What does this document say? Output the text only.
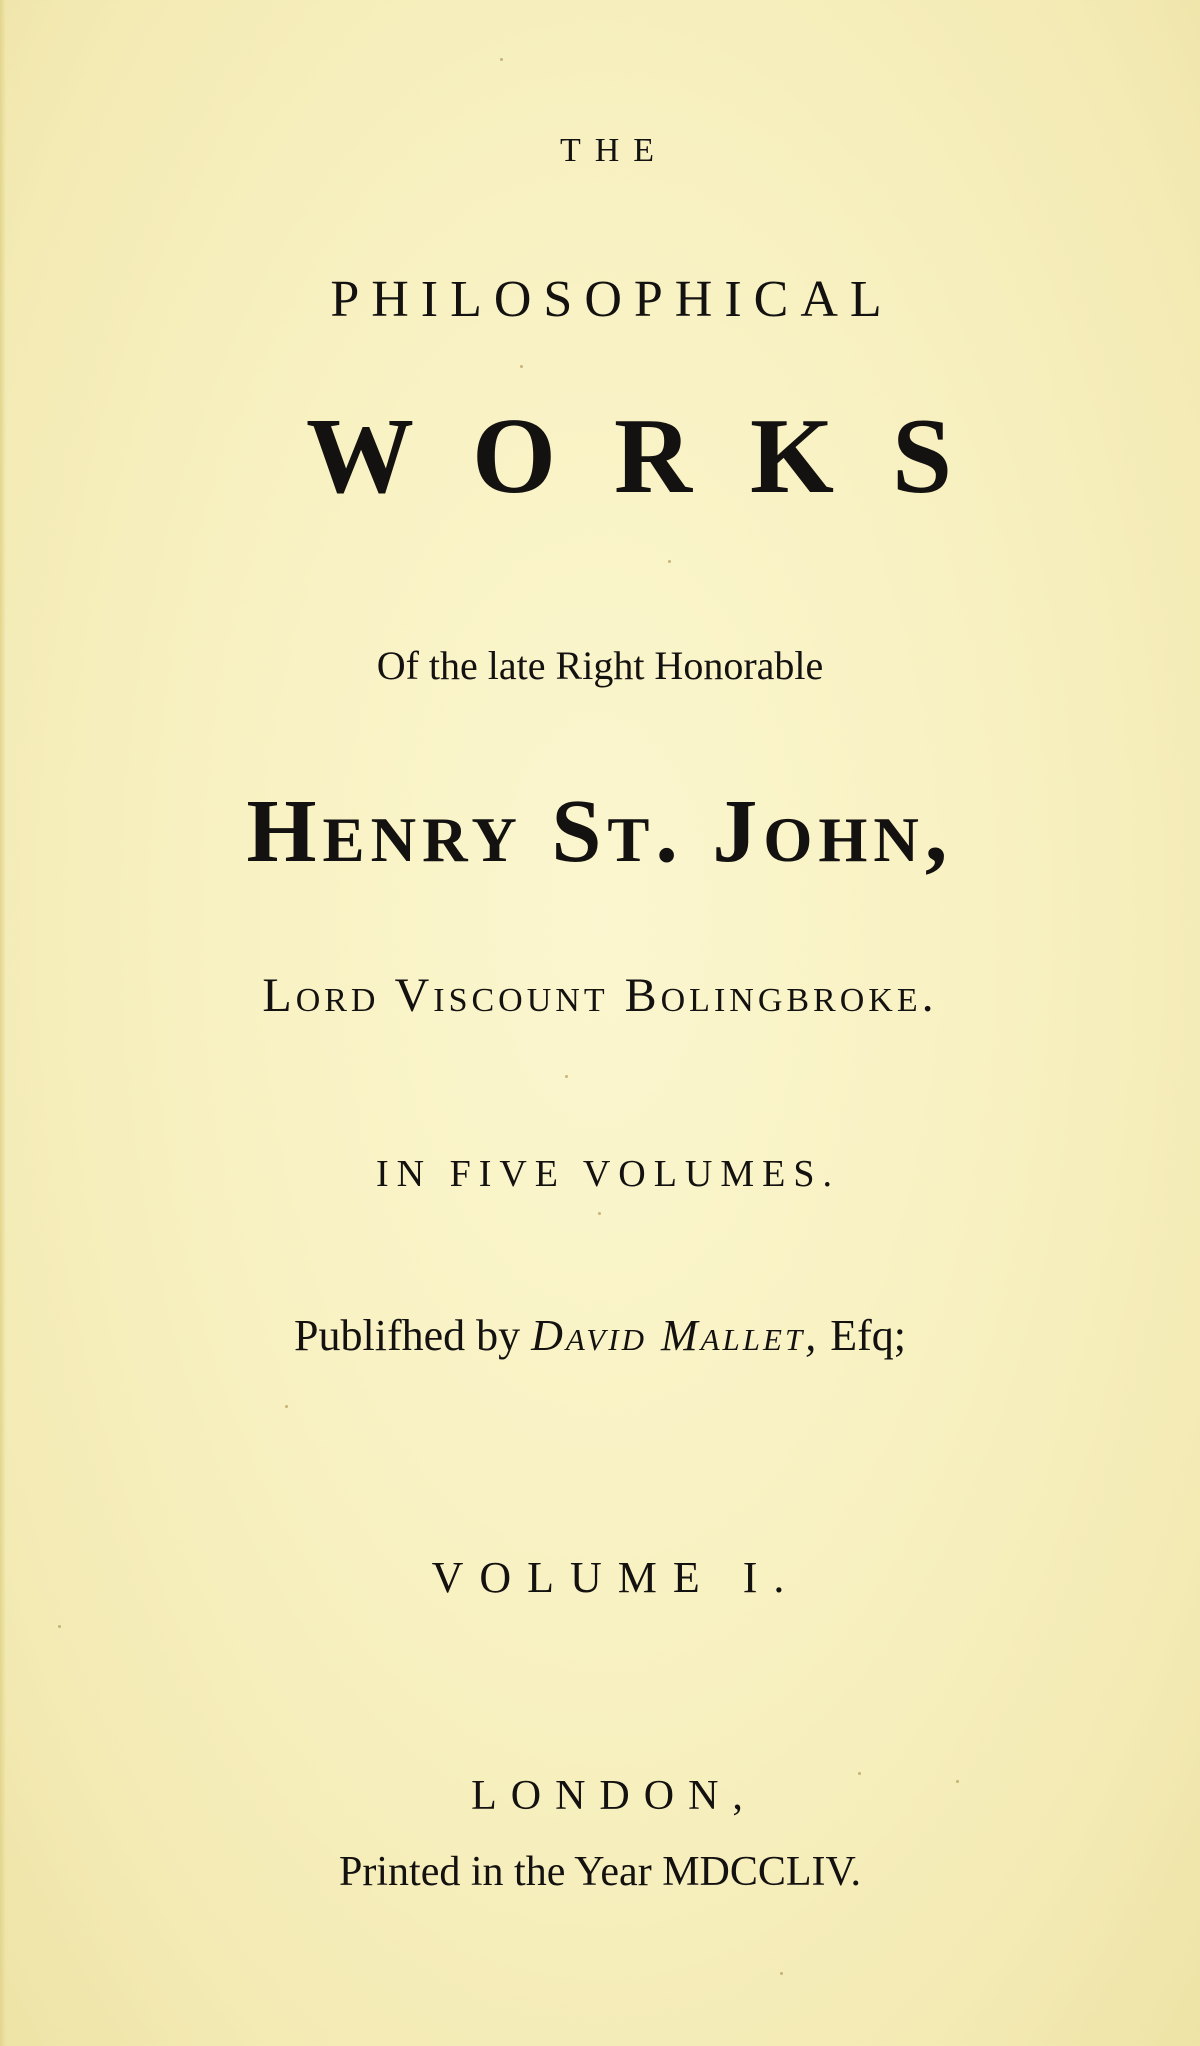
THE
PHILOSOPHICAL
WORKS
Of the late Right Honorable
Henry St. John,
Lord Viscount Bolingbroke.
IN FIVE VOLUMES.
Publifhed by David Mallet, Efq;
VOLUME I.
LONDON,
Printed in the Year MDCCLIV.
